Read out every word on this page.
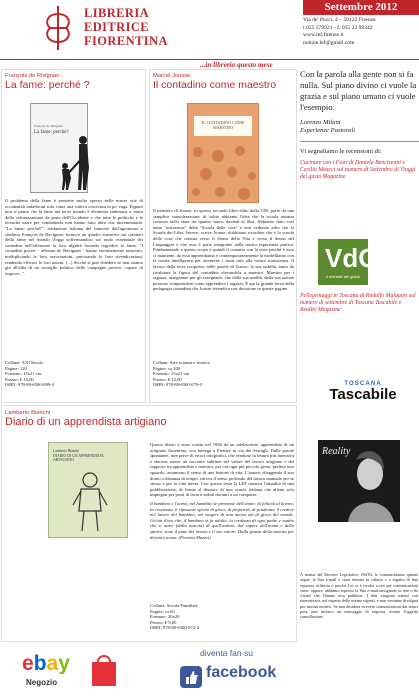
LIBRERIA
EDITRICE
FIORENTINA
Settembre 2012
Via de' Pucci, 4 – 50122 Firenze
t.055 579921 - f. 055 23 99342
www.lef.firenze.it
notizie.lef@gmail.com
...in libreria questo mese
François de Rivignan
La fame: perché ?
François de Rivignan
La fame: perché?
Il problema della fame è presente molto spesso nelle nostre vite di occidentali indaffarati solo come una cattiva coscienza in po' vaga. Eppure non si pensa che la fame nel terzo mondo è diventata endemica a causa della colonizzazione da parte dell'Occidente e che tutte le politiche e le tecniche usate per combatterla non hanno fatto altro che incrementarla. "La fame: perché?", traduzione italiana del francese dell'agronomo e studioso François de Ravignan, fornisce un quadro esaustivo sui caratteri della fame nel mondo d'oggi soffermandosi sul ruolo essenziale dei contadini nell'affermare la loro dignità facendo regredire la fame. "I contadini poveri - afferma de Ravignan - hanno enormemente innovato, moltiplicando le loro associazioni, precisando le loro rivendicazioni, rendendo efficaci le loro azioni. (...) Sicché si può chiedere se non stiamo già all'alba di un risveglio politico delle campagne povere, capace di imporre..".
Collana: XXI Secolo
Pagine: 120
Formato: 15x21 cm
Prezzo: € 10,00
ISBN: 978-88-6500-089-4
Marcel Jousse
Il contadino come maestro
IL CONTADINO COME MAESTRO
Il pensiero di Jousse, in questo secondo libro edito dalla LEF, parte da una semplice considerazione: di solito abbiamo l'idea che la scuola astratta consista nello stare tra quattro mura, davanti ai libri. Abbiamo fatto così tanta "astrazione" della "Scuola delle cose" e non vediamo altro che la Scuola dei Libri. Invece, scrive Jousse, dobbiamo ricordare che è la scuola delle cose che orienta verso il Senso della Vita e verso il Senso del Linguaggio e che essa è parte integrante nella nostra esperienza pratica. Fondamentale a questo scopo è quindi il contatto con la terra perché è essa ci mantiene, da essa apprendiamo e contemporaneamente la modelliamo con la nostra intelligenza per ottenerne i frutti utili alla nostra sussistenza. Il lavoro della terra racquista, nelle parole di Jousse, la sua nobiltà, tanto da rivalutare la figura del contadino elevandola a maestro. Maestro per i ragazzi, insegnante per gli insegnanti, che dalla sua umiltà, dalla sua azione possono comprendere come apprendere i ragazzi. È qui la grande forza della pedagogia contadina che Jousse rivendica con decisione in queste pagine.
Collana: Arte scienza e tecnica
Pagine: ca 200
Formato: 15x21 cm
Prezzo: € 12,00
ISBN: 978-88-6500-070-0
Lamberto Bianchi
Diario di un apprendista artigiano
Lamberto Bianchi
DIARIO DI UN APPRENDISTA ARTIGIANO
Questo diario è stato scritto nel 1946 da un adolescente, apprendista di un artigiano fiorentina, con bottega a Firenze in via dei Serragli. Dalle parole spontanee, non prive di errori ortografici, che rendono la lettura più intensiva e sincera, nasce un racconto sublime nel valore del lavoro artigiano e del rapporto tra apprendista e maestro, per cui ogni più piccolo gesto, perfino uno sguardo, assumono il senso di una lezione di vita. L'autore, rileggendo il suo diario a distanza di tempo, ritrova il senso profondo del lavoro manuale per se stesso e per la città intera. Con questo testo la LEF rinnova l'attualità di una pubblicazione, di fronte al disastro di una scuola italiana che allena solo impiegati per posti di lavoro sedutì davanti a un computer.
Il bambino e l'uomo, nel bambino le premesse dell'uomo: la felicità al lavoro, la coscienza, il riposante spirito di gioco, di proprietà, di prudenza; il credere nel lavoro del bambino, nel sorgere di una nuova età di gioco del mondo. Un'età d'oro che, il bambino si fa adulto, la credenza di ogni padre e madre che si nutre (dalla nascita) di quell'ardore, dal sapere dell'uomo e dello spirito, sono il pane del lavoro e il suo valore. Dalla grazia della nascita per divenire uomo. (Fioretta Mazzei)
Collana: Scuola Familiare
Pagine: ca 60
Formato: 20x20
Prezzo: € 9,00
ISBN: 978-88-6500-072-4
Con la parola alla gente non si fa nulla. Sul piano divino ci vuole la grazia e sul piano umano ci vuole l'esempio.
Lorenzo Milani
Esperienze Pastorali
Vi segnaliamo le recensioni di:
Cucinare con i Fiori di Daniela Bencivenni e Cecilia Meacci sul numero di Settembre di Viaggi del gusto Magazine
VdG
il mensile del gusto
Pellegrinaggi in Toscana di Rodolfo Malquori sul numero di settembre di Toscana Tascabile e Reality Magazine
TOSCANA
Tascabile
Reality
A norma del Decreto Legislativo 196/03, le comunichiamo quanto segue: la Sua e-mail è stata inserita in rubrica e a seguito di Sua espressa richiesta o perché Lei si è rivolto a noi per comunicazioni varie; oppure, abbiamo reperito la Sua e-mail navigando in rete o da e-mail che l'hanno resa pubblica. I dati vengono trattati con riservatezza, nel rispetto delle norme vigenti, e non verranno divulgati per nessun motivo. Se non desidera ricevere comunicazioni dai nostri post, può inviarci un messaggio di risposta, avente l'oggetto cancellazione
ebay
Negozio
diventa fan su
facebook
